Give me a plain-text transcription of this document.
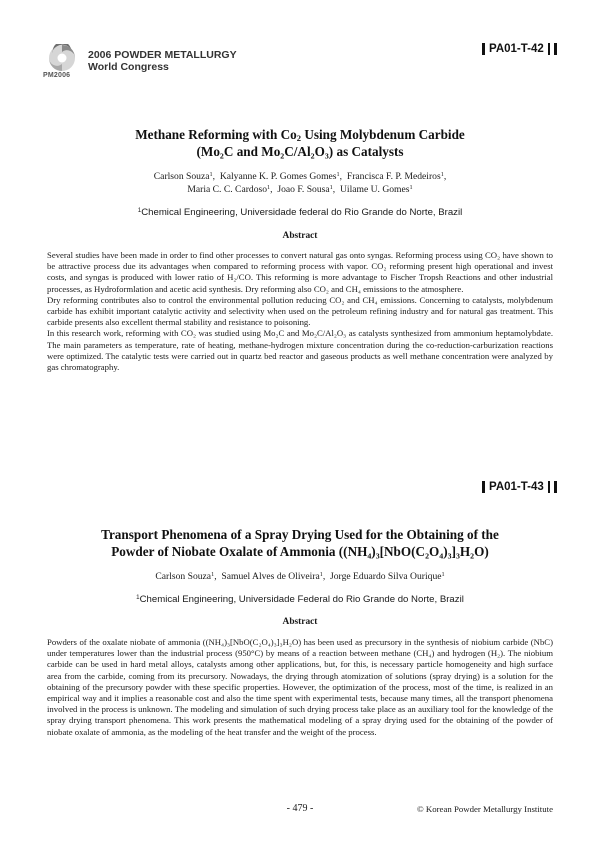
PM2006
2006 POWDER METALLURGY
World Congress
PA01-T-42
Methane Reforming with $Co_2$ Using Molybdenum Carbide
(Mo₂C and Mo₂C/Al₂O₃) as Catalysts
Carlson Souza$^1$,  Kalyanne K. P. Gomes Gomes$^1$,  Francisca F. P. Medeiros$^1$,
Maria C. C. Cardoso$^1$,  Joao F. Sousa$^1$,  Uilame U. Gomes$^1$
$^1$Chemical Engineering, Universidade federal do Rio Grande do Norte, Brazil
Abstract

Several studies have been made in order to find other processes to convert natural gas onto syngas. Reforming process using CO₂ have shown to be attractive process due its advantages when compared to reforming process with vapor. CO₂ reforming present high operational and invest costs, and syngas is produced with lower ratio of H₂/CO. This reforming is more advantage to Fischer Tropsh Reactions and other industrial processes, as Hydroformlation and acetic acid synthesis. Dry reforming also CO₂ and CH₄ emissions to the atmosphere.

Dry reforming contributes also to control the environmental pollution reducing CO₂ and CH₄ emissions. Concerning to catalysts, molybdenum carbide has exhibit important catalytic activity and selectivity when used on the petroleum refining industry and for natural gas treatment. This carbide presents also excellent thermal stability and resistance to poisoning.

In this research work, reforming with CO₂ was studied using Mo₂C and Mo₂C/Al₂O₃ as catalysts synthesized from ammonium heptamolybdate. The main parameters as temperature, rate of heating, methane-hydrogen mixture concentration during the co-reduction-carburization reactions were optimized. The catalytic tests were carried out in quartz bed reactor and gaseous products as well methane concentration were analyzed by gas chromatography.

PA01-T-43
Transport Phenomena of a Spray Drying Used for the Obtaining of the
Powder of Niobate Oxalate of Ammonia ((NH₄)₃[NbO(C₂O₄)₃]₃H₂O)
Carlson Souza$^1$,  Samuel Alves de Oliveira$^1$,  Jorge Eduardo Silva Ourique$^1$
$^1$Chemical Engineering, Universidade Federal do Rio Grande do Norte, Brazil
Abstract

Powders of the oxalate niobate of ammonia ((NH₄)₃[NbO(C₂O₄)₃]₃H₂O) has been used as precursory in the synthesis of niobium carbide (NbC) under temperatures lower than the industrial process (950°C) by means of a reaction between methane (CH₄) and hydrogen (H₂). The niobium carbide can be used in hard metal alloys, catalysts among other applications, but, for this, is necessary particle homogeneity and high surface area from the carbide, coming from its precursory. Nowadays, the drying through atomization of solutions (spray drying) is a solution for the obtaining of the precursory powder with these specific properties. However, the optimization of the process, most of the time, is realized in an empirical way and it implies a reasonable cost and also the time spent with experimental tests, because many times, all the transport phenomena involved in the process is unknown. The modeling and simulation of such drying process take place as an auxiliary tool for the knowledge of the spray drying transport phenomena. This work presents the mathematical modeling of a spray drying used for the obtaining of the powder of niobate oxalate of ammonia, as the modeling of the heat transfer and the weight of the process.

- 479 -	© Korean Powder Metallurgy Institute
